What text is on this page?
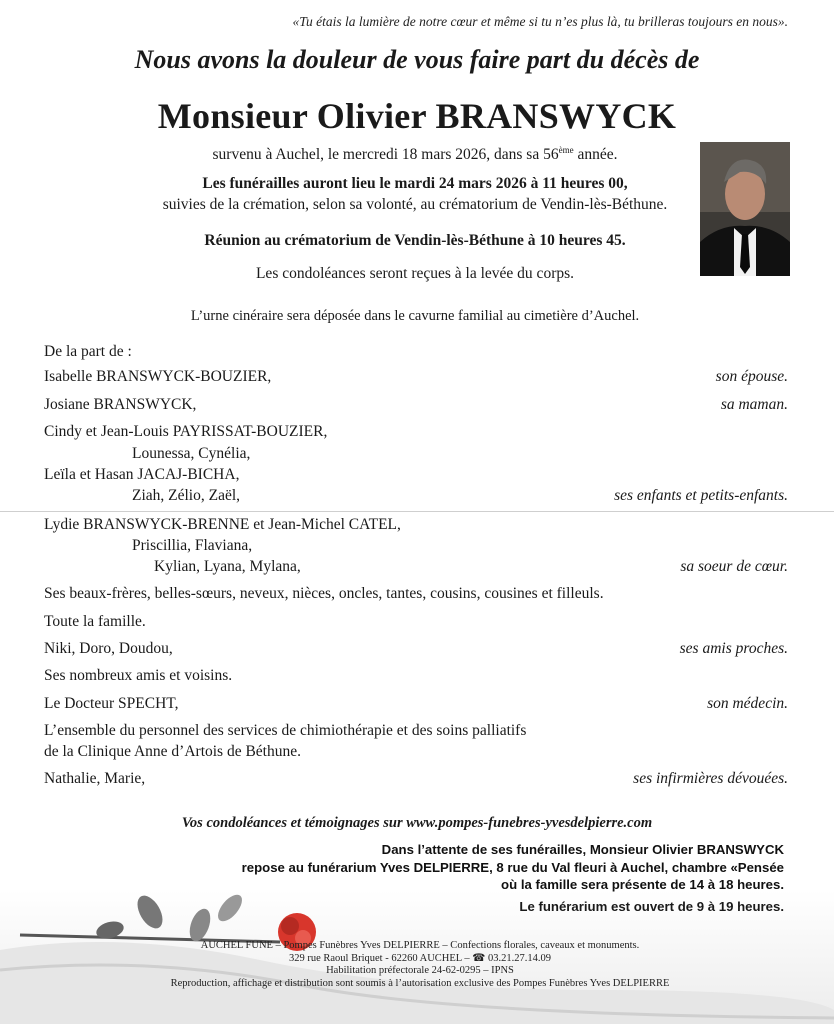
«Tu étais la lumière de notre cœur et même si tu n’es plus là, tu brilleras toujours en nous».
Nous avons la douleur de vous faire part du décès de
Monsieur Olivier BRANSWYCK
survenu à Auchel, le mercredi 18 mars 2026, dans sa 56ème année.
Les funérailles auront lieu le mardi 24 mars 2026 à 11 heures 00,
suivies de la crémation, selon sa volonté, au crématorium de Vendin-lès-Béthune.
Réunion au crématorium de Vendin-lès-Béthune à 10 heures 45.
Les condoléances seront reçues à la levée du corps.
L’urne cinéraire sera déposée dans le cavurne familial au cimetière d’Auchel.
De la part de :
Isabelle BRANSWYCK-BOUZIER,	son épouse.
Josiane BRANSWYCK,	sa maman.
Cindy et Jean-Louis PAYRISSAT-BOUZIER,
Lounessa, Cynélia,
Leïla et Hasan JACAJ-BICHA,
Ziah, Zélio, Zaël,	ses enfants et petits-enfants.
Lydie BRANSWYCK-BRENNE et Jean-Michel CATEL,
Priscillia, Flaviana,
Kylian, Lyana, Mylana,	sa soeur de cœur.
Ses beaux-frères, belles-sœurs, neveux, nièces, oncles, tantes, cousins, cousines et filleuls.
Toute la famille.
Niki, Doro, Doudou,	ses amis proches.
Ses nombreux amis et voisins.
Le Docteur SPECHT,	son médecin.
L’ensemble du personnel des services de chimiothérapie et des soins palliatifs
de la Clinique Anne d’Artois de Béthune.
Nathalie, Marie,	ses infirmières dévouées.
Vos condoléances et témoignages sur www.pompes-funebres-yvesdelpierre.com
Dans l’attente de ses funérailles, Monsieur Olivier BRANSWYCK
repose au funérarium Yves DELPIERRE, 8 rue du Val fleuri à Auchel, chambre «Pensée
où la famille sera présente de 14 à 18 heures.
Le funérarium est ouvert de 9 à 19 heures.
AUCHEL FUNE – Pompes Funèbres Yves DELPIERRE – Confections florales, caveaux et monuments.
329 rue Raoul Briquet - 62260 AUCHEL – ☎ 03.21.27.14.09
Habilitation préfectorale 24-62-0295 – IPNS
Reproduction, affichage et distribution sont soumis à l’autorisation exclusive des Pompes Funèbres Yves DELPIERRE
